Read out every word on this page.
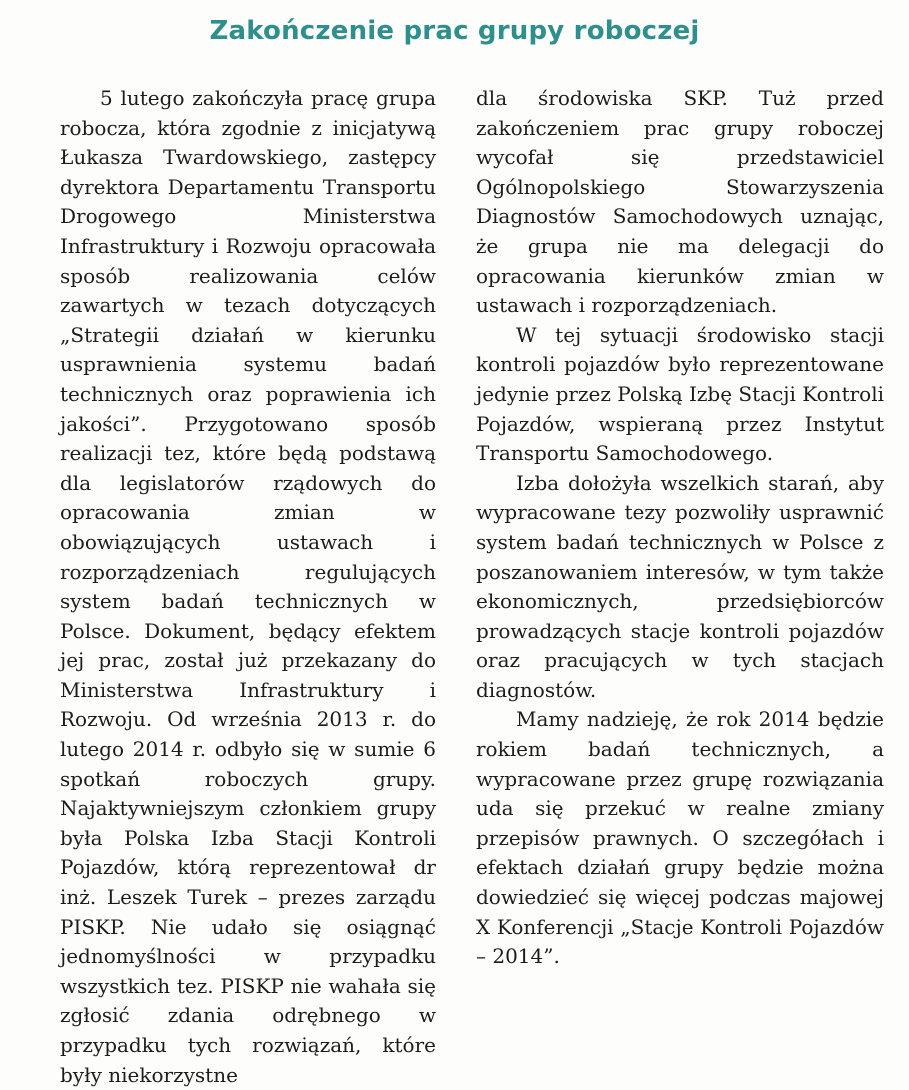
Zakończenie prac grupy roboczej

5 lutego zakończyła pracę grupa robocza, która zgodnie z inicjatywą Łukasza Twardowskiego, zastępcy dyrektora Departamentu Transportu Drogowego Ministerstwa Infrastruktury i Rozwoju opracowała sposób realizowania celów zawartych w tezach dotyczących „Strategii działań w kierunku usprawnienia systemu badań technicznych oraz poprawienia ich jakości”. Przygotowano sposób realizacji tez, które będą podstawą dla legislatorów rządowych do opracowania zmian w obowiązujących ustawach i rozporządzeniach regulujących system badań technicznych w Polsce. Dokument, będący efektem jej prac, został już przekazany do Ministerstwa Infrastruktury i Rozwoju. Od września 2013 r. do lutego 2014 r. odbyło się w sumie 6 spotkań roboczych grupy. Najaktywniejszym członkiem grupy była Polska Izba Stacji Kontroli Pojazdów, którą reprezentował dr inż. Leszek Turek – prezes zarządu PISKP. Nie udało się osiągnąć jednomyślności w przypadku wszystkich tez. PISKP nie wahała się zgłosić zdania odrębnego w przypadku tych rozwiązań, które były niekorzystne

dla środowiska SKP. Tuż przed zakończeniem prac grupy roboczej wycofał się przedstawiciel Ogólnopolskiego Stowarzyszenia Diagnostów Samochodowych uznając, że grupa nie ma delegacji do opracowania kierunków zmian w ustawach i rozporządzeniach.

W tej sytuacji środowisko stacji kontroli pojazdów było reprezentowane jedynie przez Polską Izbę Stacji Kontroli Pojazdów, wspieraną przez Instytut Transportu Samochodowego.

Izba dołożyła wszelkich starań, aby wypracowane tezy pozwoliły usprawnić system badań technicznych w Polsce z poszanowaniem interesów, w tym także ekonomicznych, przedsiębiorców prowadzących stacje kontroli pojazdów oraz pracujących w tych stacjach diagnostów.

Mamy nadzieję, że rok 2014 będzie rokiem badań technicznych, a wypracowane przez grupę rozwiązania uda się przekuć w realne zmiany przepisów prawnych. O szczegółach i efektach działań grupy będzie można dowiedzieć się więcej podczas majowej X Konferencji „Stacje Kontroli Pojazdów – 2014”.
